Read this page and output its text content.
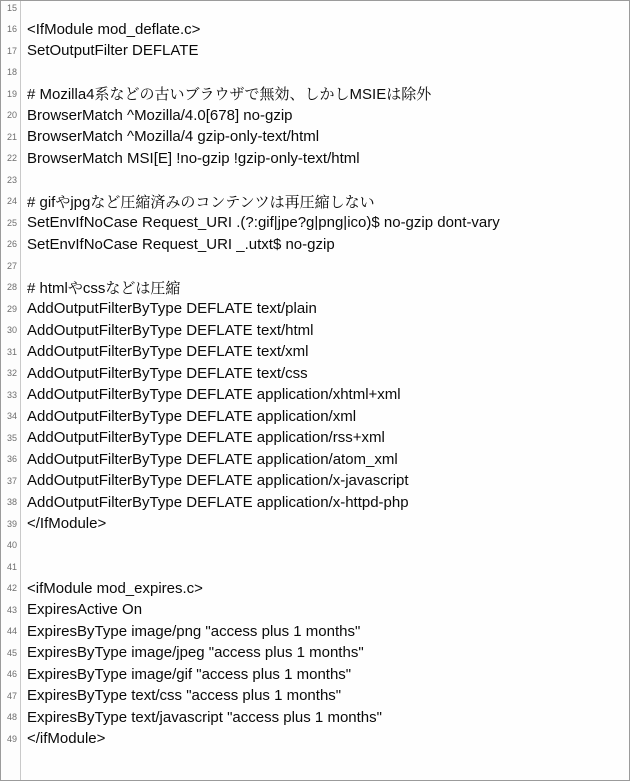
15
16 <IfModule mod_deflate.c>
17 SetOutputFilter DEFLATE
18
19 # Mozilla4系などの古いブラウザで無効、しかしMSIEは除外
20 BrowserMatch ^Mozilla/4.0[678] no-gzip
21 BrowserMatch ^Mozilla/4 gzip-only-text/html
22 BrowserMatch MSI[E] !no-gzip !gzip-only-text/html
23
24 # gifやjpgなど圧縮済みのコンテンツは再圧縮しない
25 SetEnvIfNoCase Request_URI .(?:gif|jpe?g|png|ico)$ no-gzip dont-vary
26 SetEnvIfNoCase Request_URI _.utxt$ no-gzip
27
28 # htmlやcssなどは圧縮
29 AddOutputFilterByType DEFLATE text/plain
30 AddOutputFilterByType DEFLATE text/html
31 AddOutputFilterByType DEFLATE text/xml
32 AddOutputFilterByType DEFLATE text/css
33 AddOutputFilterByType DEFLATE application/xhtml+xml
34 AddOutputFilterByType DEFLATE application/xml
35 AddOutputFilterByType DEFLATE application/rss+xml
36 AddOutputFilterByType DEFLATE application/atom_xml
37 AddOutputFilterByType DEFLATE application/x-javascript
38 AddOutputFilterByType DEFLATE application/x-httpd-php
39 </IfModule>
40
41
42 <ifModule mod_expires.c>
43 ExpiresActive On
44 ExpiresByType image/png "access plus 1 months"
45 ExpiresByType image/jpeg "access plus 1 months"
46 ExpiresByType image/gif "access plus 1 months"
47 ExpiresByType text/css "access plus 1 months"
48 ExpiresByType text/javascript "access plus 1 months"
49 </ifModule>
